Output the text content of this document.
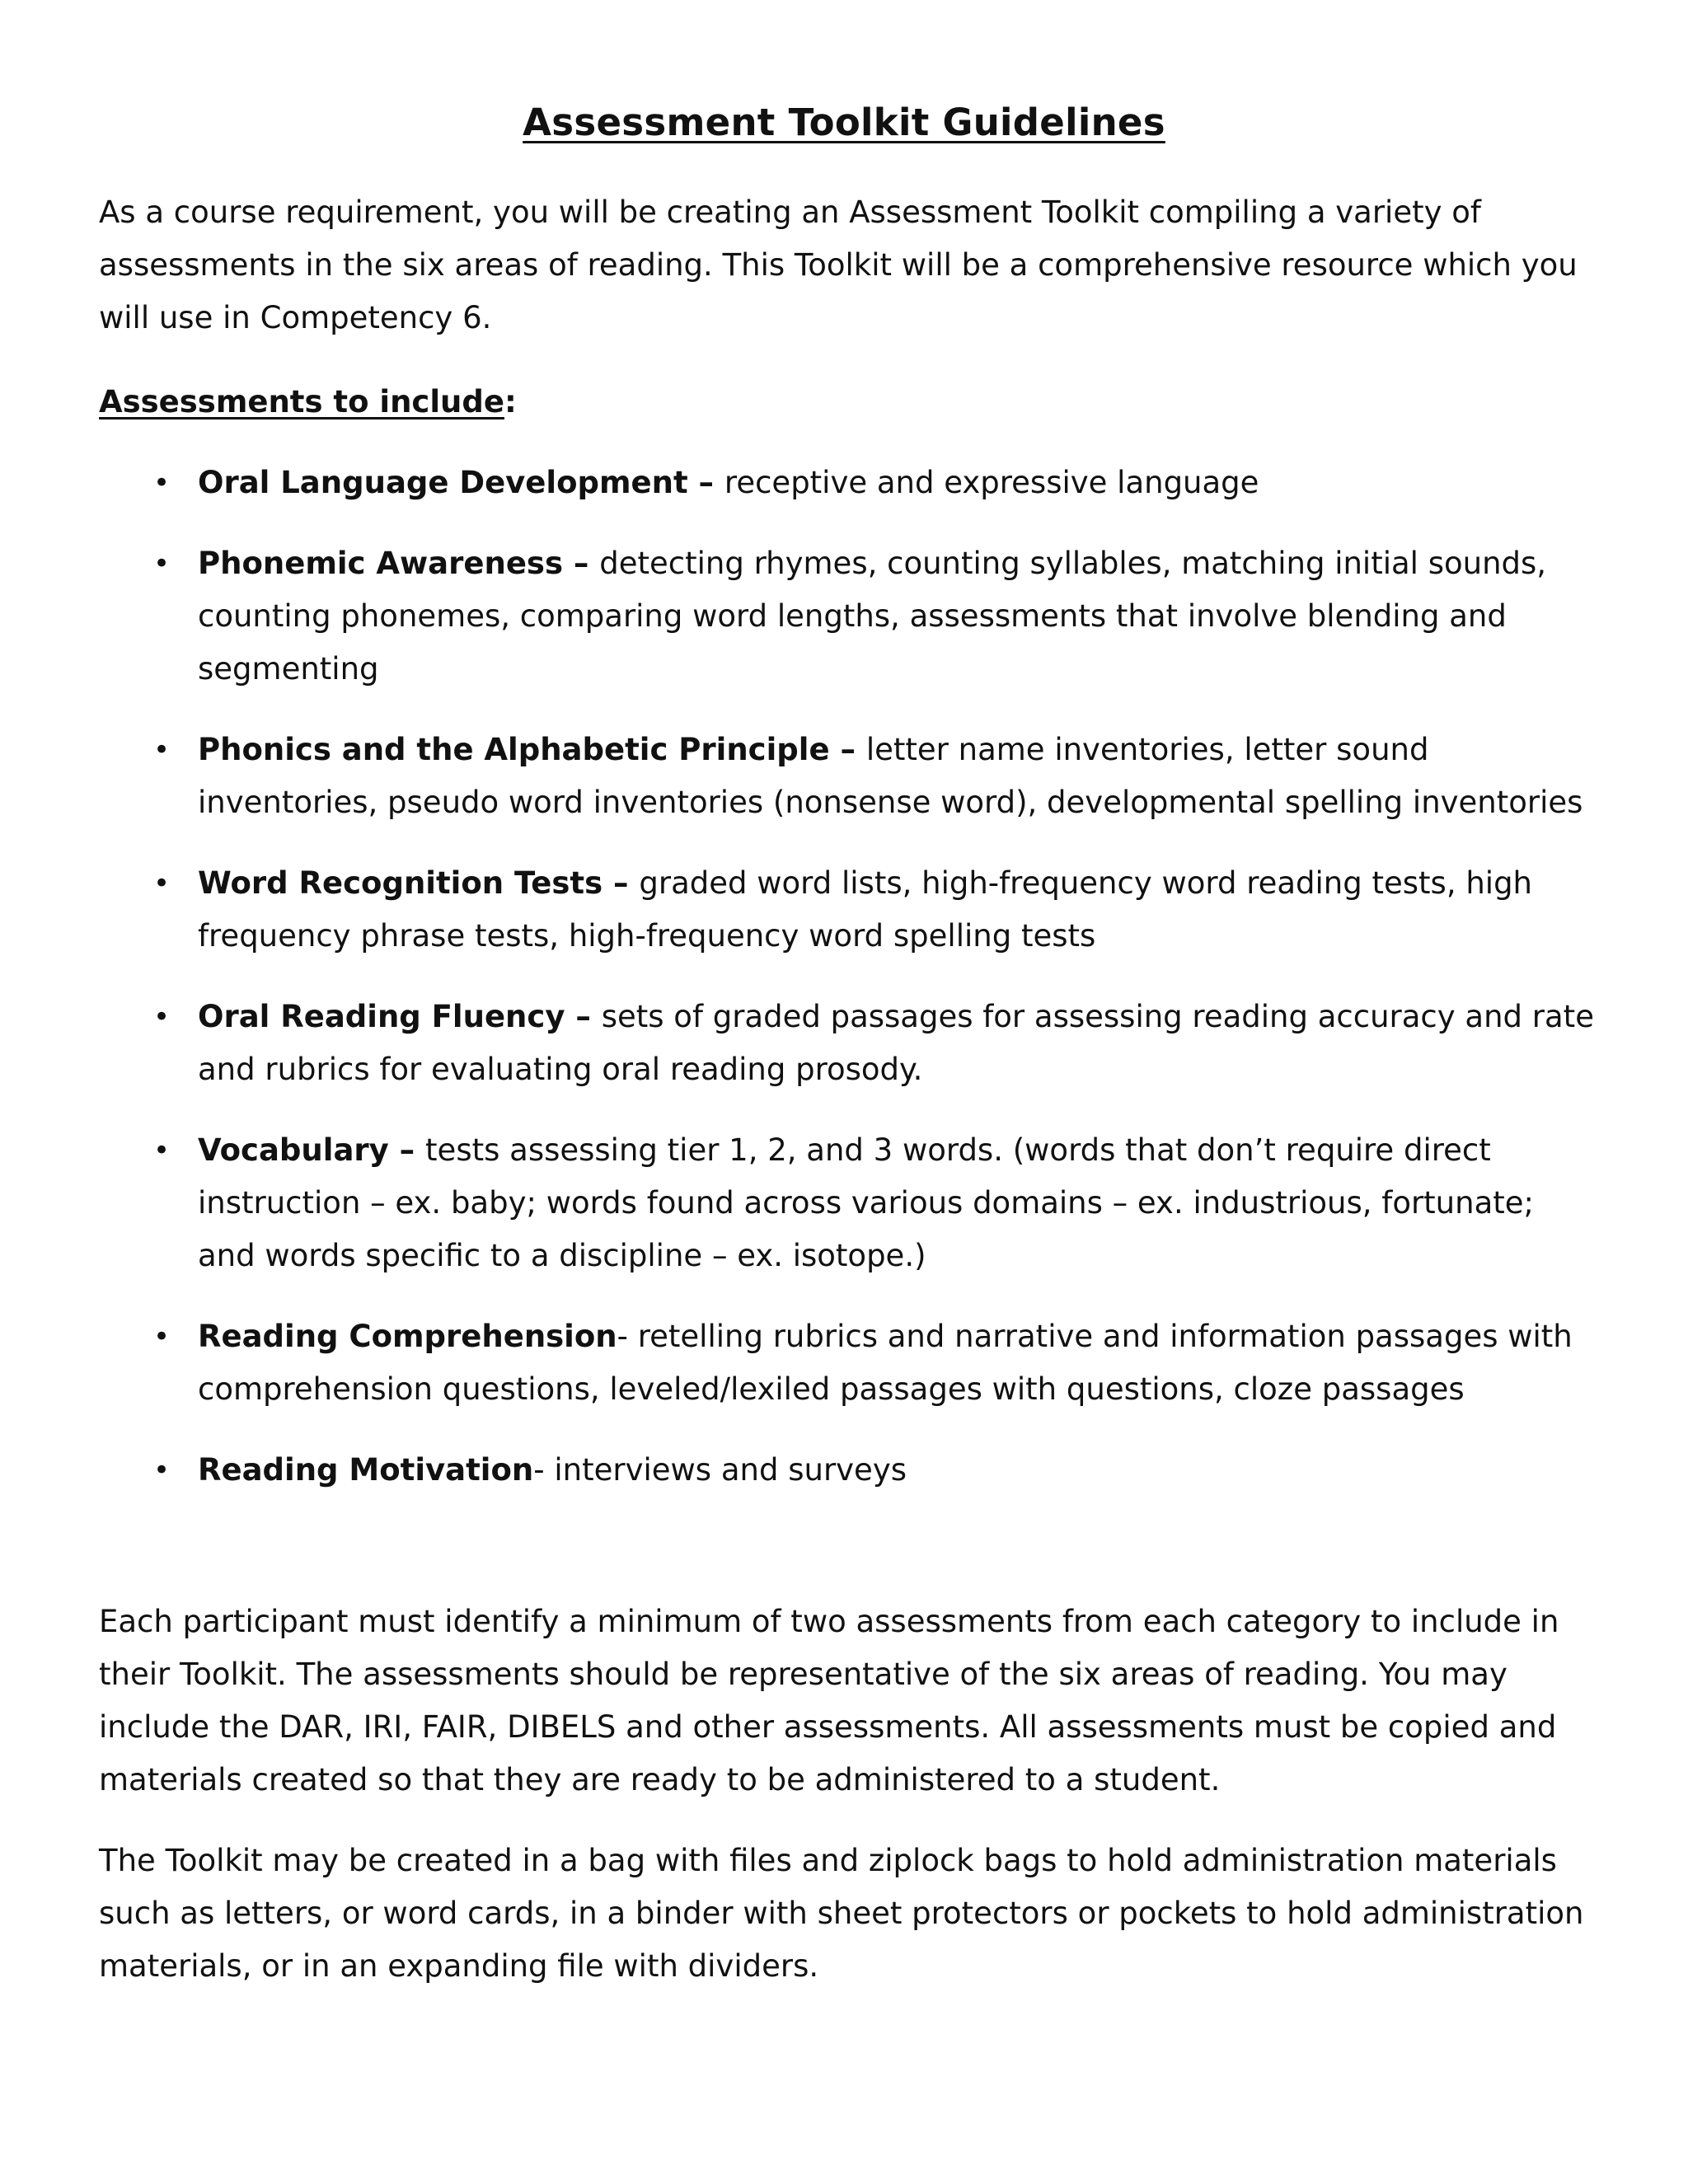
Assessment Toolkit Guidelines

As a course requirement, you will be creating an Assessment Toolkit compiling a variety of assessments in the six areas of reading. This Toolkit will be a comprehensive resource which you will use in Competency 6.

Assessments to include:
• Oral Language Development – receptive and expressive language
• Phonemic Awareness – detecting rhymes, counting syllables, matching initial sounds, counting phonemes, comparing word lengths, assessments that involve blending and segmenting
• Phonics and the Alphabetic Principle – letter name inventories, letter sound inventories, pseudo word inventories (nonsense word), developmental spelling inventories
• Word Recognition Tests – graded word lists, high-frequency word reading tests, high frequency phrase tests, high-frequency word spelling tests
• Oral Reading Fluency – sets of graded passages for assessing reading accuracy and rate and rubrics for evaluating oral reading prosody.
• Vocabulary – tests assessing tier 1, 2, and 3 words. (words that don’t require direct instruction – ex. baby; words found across various domains – ex. industrious, fortunate; and words specific to a discipline – ex. isotope.)
• Reading Comprehension- retelling rubrics and narrative and information passages with comprehension questions, leveled/lexiled passages with questions, cloze passages
• Reading Motivation- interviews and surveys

Each participant must identify a minimum of two assessments from each category to include in their Toolkit. The assessments should be representative of the six areas of reading. You may include the DAR, IRI, FAIR, DIBELS and other assessments. All assessments must be copied and materials created so that they are ready to be administered to a student.

The Toolkit may be created in a bag with files and ziplock bags to hold administration materials such as letters, or word cards, in a binder with sheet protectors or pockets to hold administration materials, or in an expanding file with dividers.
